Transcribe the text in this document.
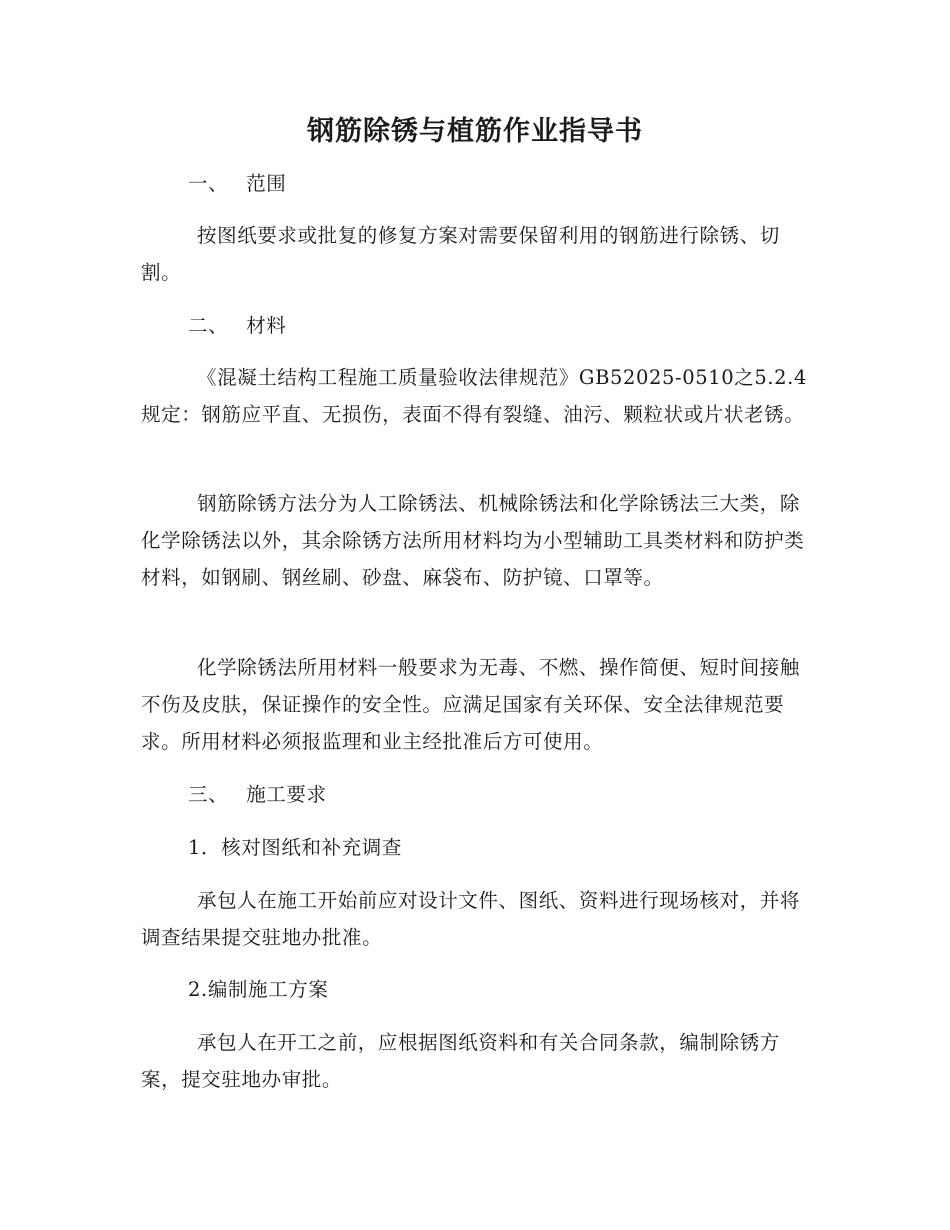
钢筋除锈与植筋作业指导书
一、 范围
按图纸要求或批复的修复方案对需要保留利用的钢筋进行除锈、切割。
二、 材料
《混凝土结构工程施工质量验收法律规范》GB52025-0510之5.2.4规定：钢筋应平直、无损伤，表面不得有裂缝、油污、颗粒状或片状老锈。
钢筋除锈方法分为人工除锈法、机械除锈法和化学除锈法三大类，除化学除锈法以外，其余除锈方法所用材料均为小型辅助工具类材料和防护类材料，如钢刷、钢丝刷、砂盘、麻袋布、防护镜、口罩等。
化学除锈法所用材料一般要求为无毒、不燃、操作简便、短时间接触不伤及皮肤，保证操作的安全性。应满足国家有关环保、安全法律规范要求。所用材料必须报监理和业主经批准后方可使用。
三、 施工要求
1．核对图纸和补充调查
承包人在施工开始前应对设计文件、图纸、资料进行现场核对，并将调查结果提交驻地办批准。
2.编制施工方案
承包人在开工之前，应根据图纸资料和有关合同条款，编制除锈方案，提交驻地办审批。
